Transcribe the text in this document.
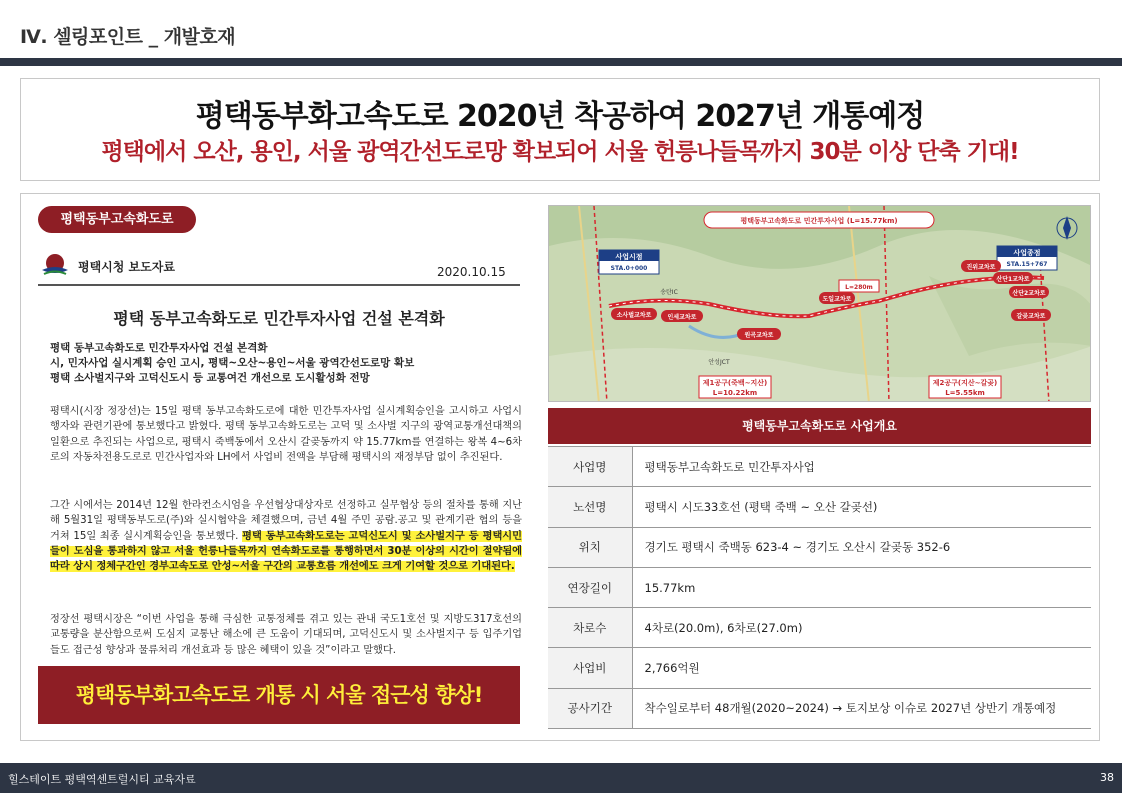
Ⅳ. 셀링포인트 _ 개발호재
평택동부화고속도로 2020년 착공하여 2027년 개통예정
평택에서 오산, 용인, 서울 광역간선도로망 확보되어 서울 헌릉나들목까지 30분 이상 단축 기대!
평택동부고속화도로
평택시청 보도자료	2020.10.15
평택 동부고속화도로 민간투자사업 건설 본격화
평택 동부고속화도로 민간투자사업 건설 본격화
시, 민자사업 실시계획 승인 고시, 평택~오산~용인~서울 광역간선도로망 확보
평택 소사벌지구와 고덕신도시 등 교통여건 개선으로 도시활성화 전망
평택시(시장 정장선)는 15일 평택 동부고속화도로에 대한 민간투자사업 실시계획승인을 고시하고 사업시행자와 관련기관에 통보했다고 밝혔다. 평택 동부고속화도로는 고덕 및 소사벌 지구의 광역교통개선대책의 일환으로 추진되는 사업으로, 평택시 죽백동에서 오산시 갈곶동까지 약 15.77km를 연결하는 왕복 4~6차로의 자동차전용도로로 민간사업자와 LH에서 사업비 전액을 부담해 평택시의 재정부담 없이 추진된다.
그간 시에서는 2014년 12월 한라컨소시엄을 우선협상대상자로 선정하고 실무협상 등의 절차를 통해 지난해 5월31일 평택동부도로(주)와 실시협약을 체결했으며, 금년 4월 주민 공람.공고 및 관계기관 협의 등을 거쳐 15일 최종 실시계획승인을 통보했다. 평택 동부고속화도로는 고덕신도시 및 소사벌지구 등 평택시민들이 도심을 통과하지 않고 서울 헌릉나들목까지 연속화도로를 통행하면서 30분 이상의 시간이 절약됨에 따라 상시 정체구간인 경부고속도로 안성~서울 구간의 교통흐름 개선에도 크게 기여할 것으로 기대된다.
정장선 평택시장은 “이번 사업을 통해 극심한 교통정체를 겪고 있는 관내 국도1호선 및 지방도317호선의 교통량을 분산함으로써 도심지 교통난 해소에 큰 도움이 기대되며, 고덕신도시 및 소사벌지구 등 입주기업들도 접근성 향상과 물류처리 개선효과 등 많은 혜택이 있을 것”이라고 말했다.
평택동부화고속도로 개통 시 서울 접근성 향상!
평택동부고속화도로 민간투자사업 (L=15.77km)
사업시점
STA.0+000
사업종점
STA.15+767
소사벌교차로	인세교차로
원곡교차로
도일교차로
진위교차로
산단1교차로
산단2교차로
갈곶교차로
L=280m
송탄IC
안성JCT
제1공구(죽백~지산)
L=10.22km
제2공구(지산~갈곶)
L=5.55km
평택동부고속화도로 사업개요
사업명	평택동부고속화도로 민간투자사업
노선명	평택시 시도33호선 (평택 죽백 ~ 오산 갈곶선)
위치	경기도 평택시 죽백동 623-4 ~ 경기도 오산시 갈곶동 352-6
연장길이	15.77km
차로수	4차로(20.0m), 6차로(27.0m)
사업비	2,766억원
공사기간	착수일로부터 48개월(2020~2024) → 토지보상 이슈로 2027년 상반기 개통예정
힐스테이트 평택역센트럴시티 교육자료	38
